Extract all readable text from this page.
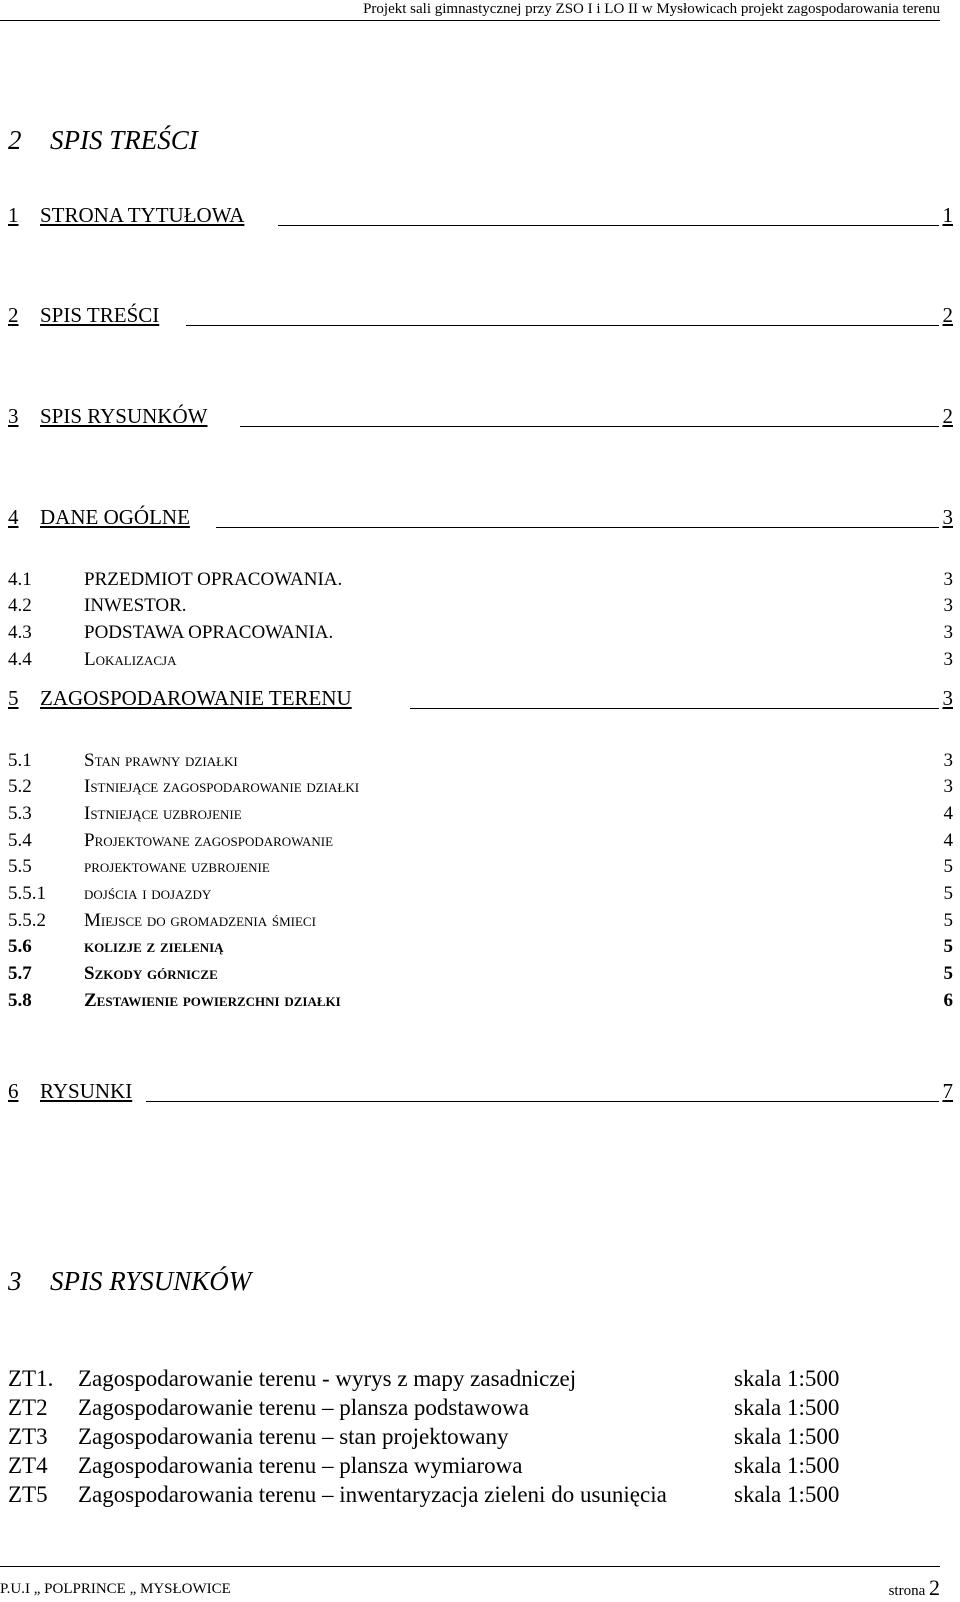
Projekt sali gimnastycznej przy ZSO I i LO II w Mysłowicach projekt zagospodarowania terenu
2 SPIS TREŚCI
1 STRONA TYTUŁOWA	1
2 SPIS TREŚCI	2
3 SPIS RYSUNKÓW	2
4 DANE OGÓLNE	3
4.1	PRZEDMIOT OPRACOWANIA.	3
4.2	INWESTOR.	3
4.3	PODSTAWA OPRACOWANIA.	3
4.4	Lokalizacja	3
5 ZAGOSPODAROWANIE TERENU	3
5.1	Stan prawny działki	3
5.2	Istniejące zagospodarowanie działki	3
5.3	Istniejące uzbrojenie	4
5.4	Projektowane zagospodarowanie	4
5.5	projektowane uzbrojenie	5
5.5.1 dojścia i dojazdy	5
5.5.2 Miejsce do gromadzenia śmieci	5
5.6	kolizje z zielenią	5
5.7	Szkody górnicze	5
5.8	Zestawienie powierzchni działki	6
6 RYSUNKI	7
3 SPIS RYSUNKÓW
ZT1. Zagospodarowanie terenu - wyrys z mapy zasadniczej	skala 1:500
ZT2 Zagospodarowanie terenu – plansza podstawowa	skala 1:500
ZT3 Zagospodarowania terenu – stan projektowany	skala 1:500
ZT4 Zagospodarowania terenu – plansza wymiarowa	skala 1:500
ZT5 Zagospodarowania terenu – inwentaryzacja zieleni do usunięcia	skala 1:500
P.U.I „ POLPRINCE „ MYSŁOWICE	strona 2
